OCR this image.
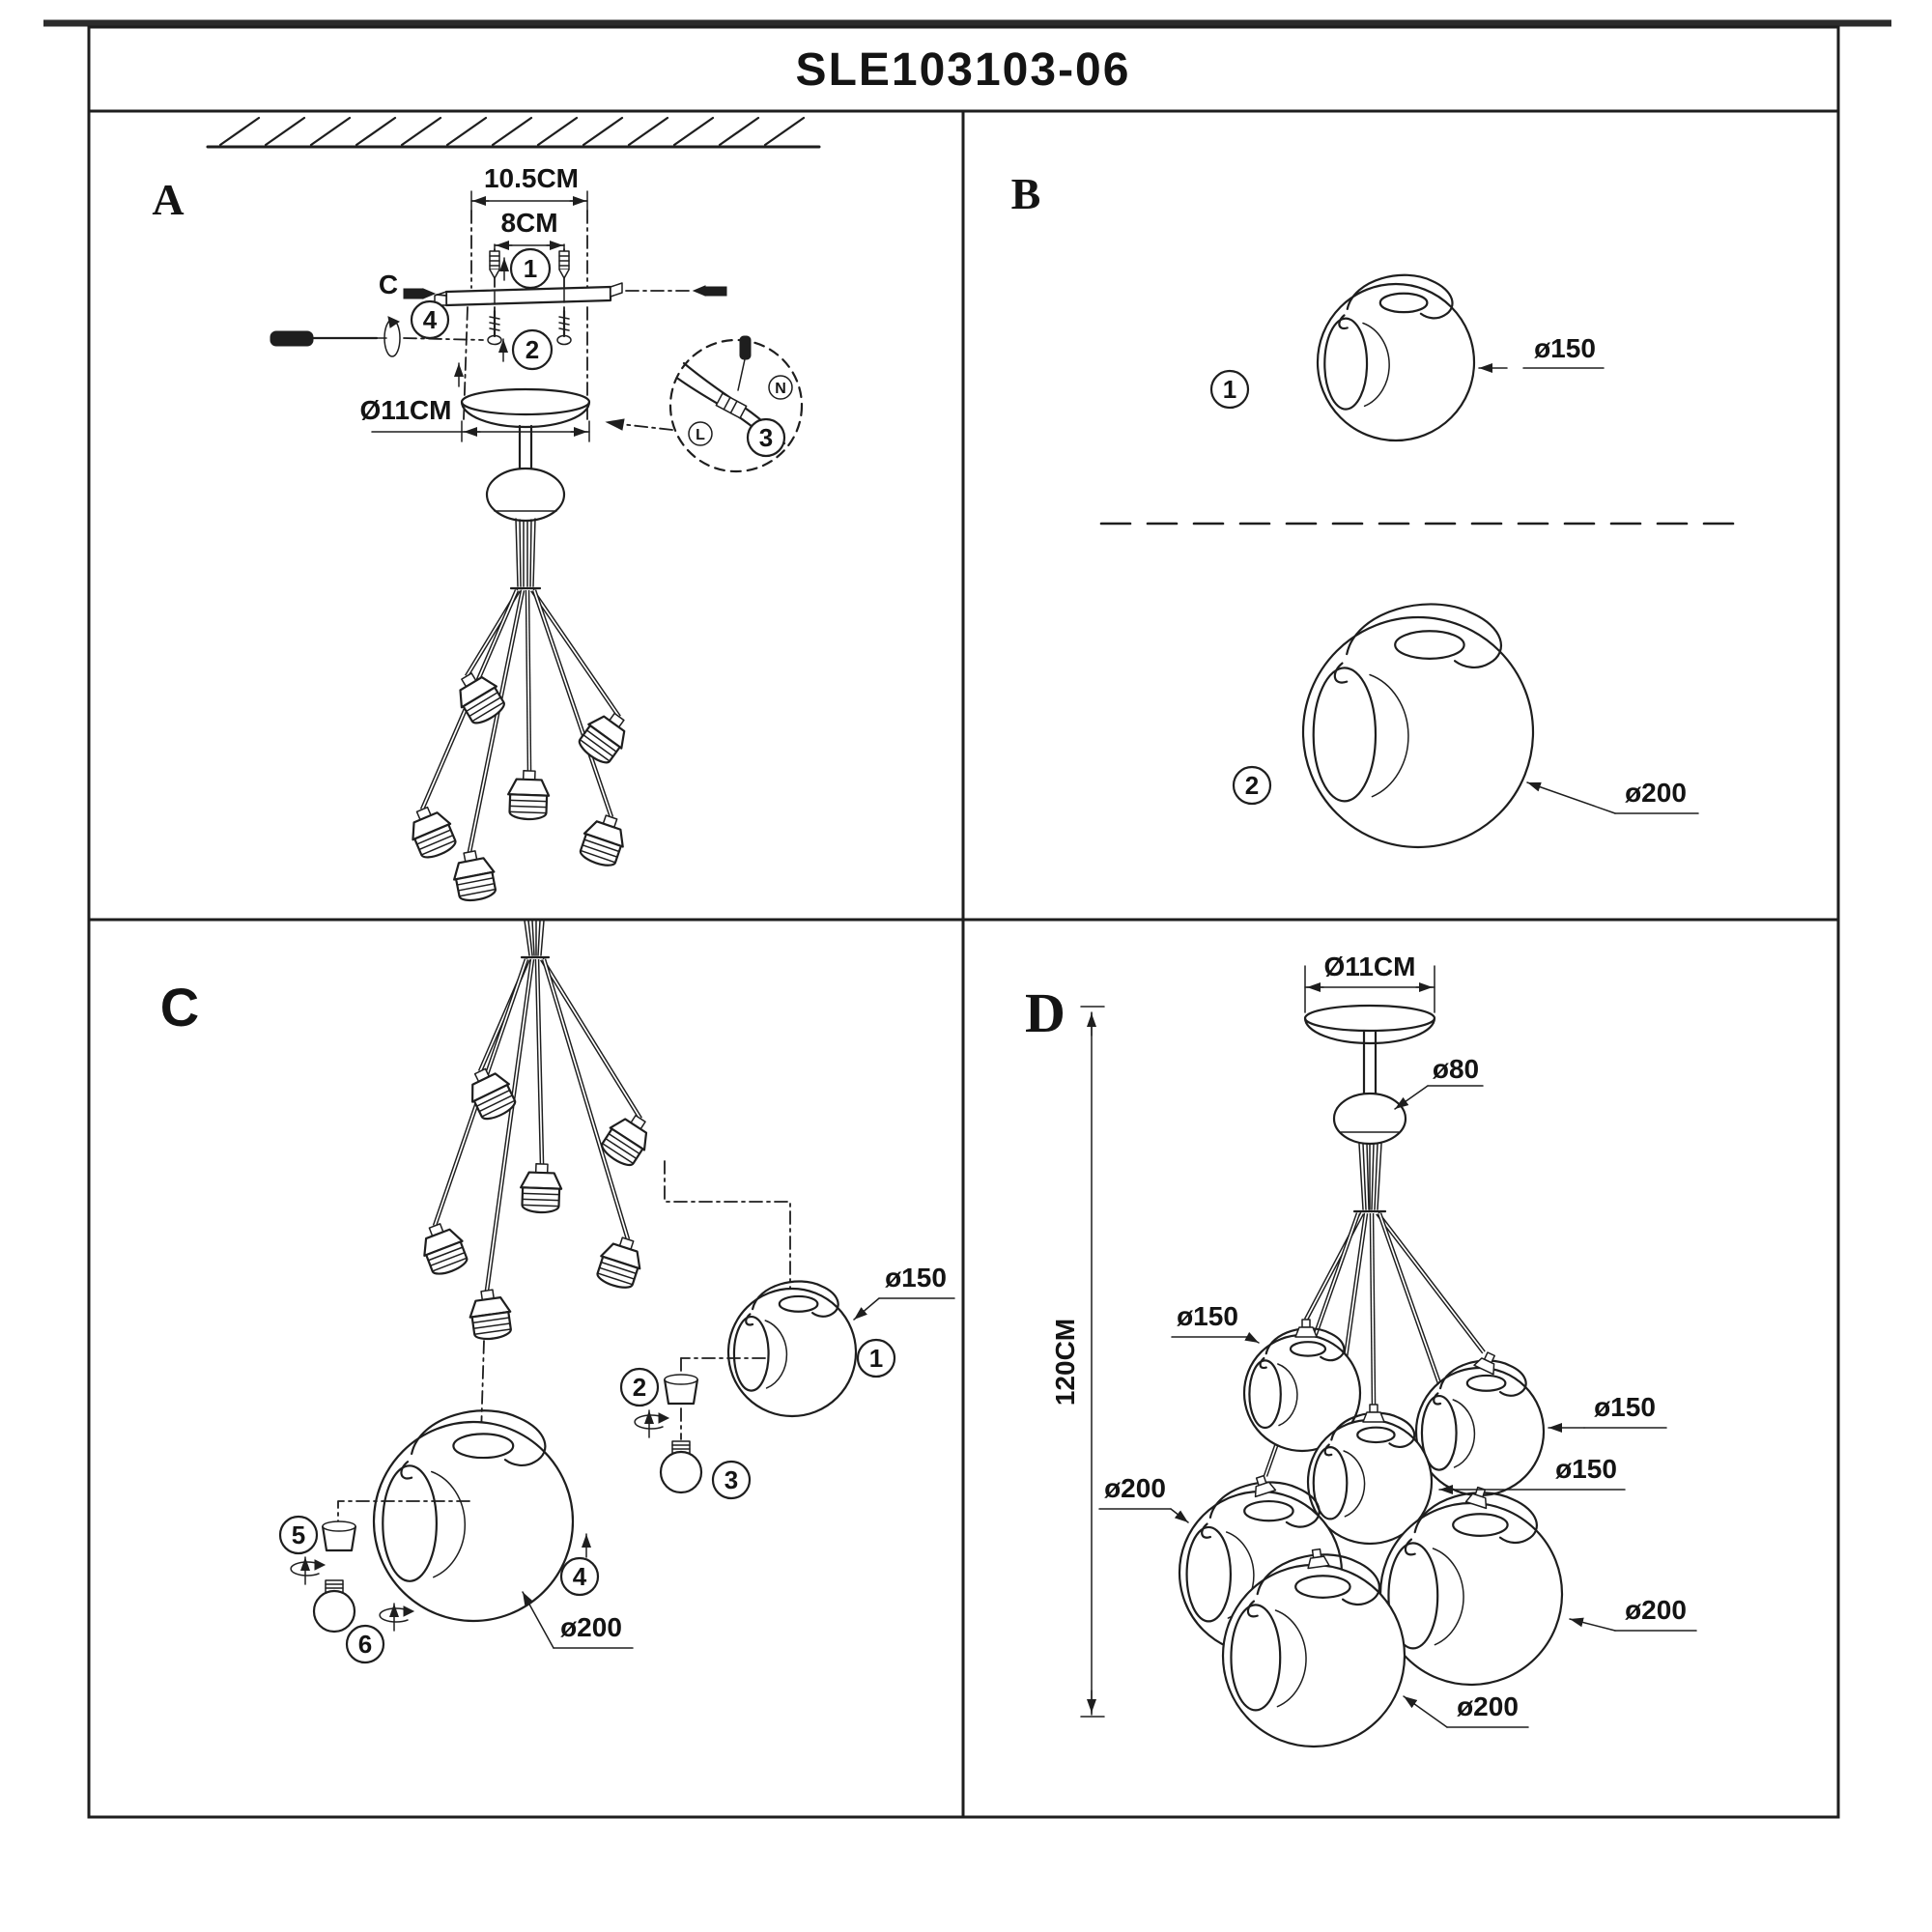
SLE103103-06
A	10.5CM
8CM
1
C
4
2
Ø11CM
N
L 3
B
1
ø150
2	ø200
C
1
ø150
2
3
4
ø200
5
6
D
120CM
Ø11CM
ø80
ø150
ø150
ø150
ø200
ø200
ø200
